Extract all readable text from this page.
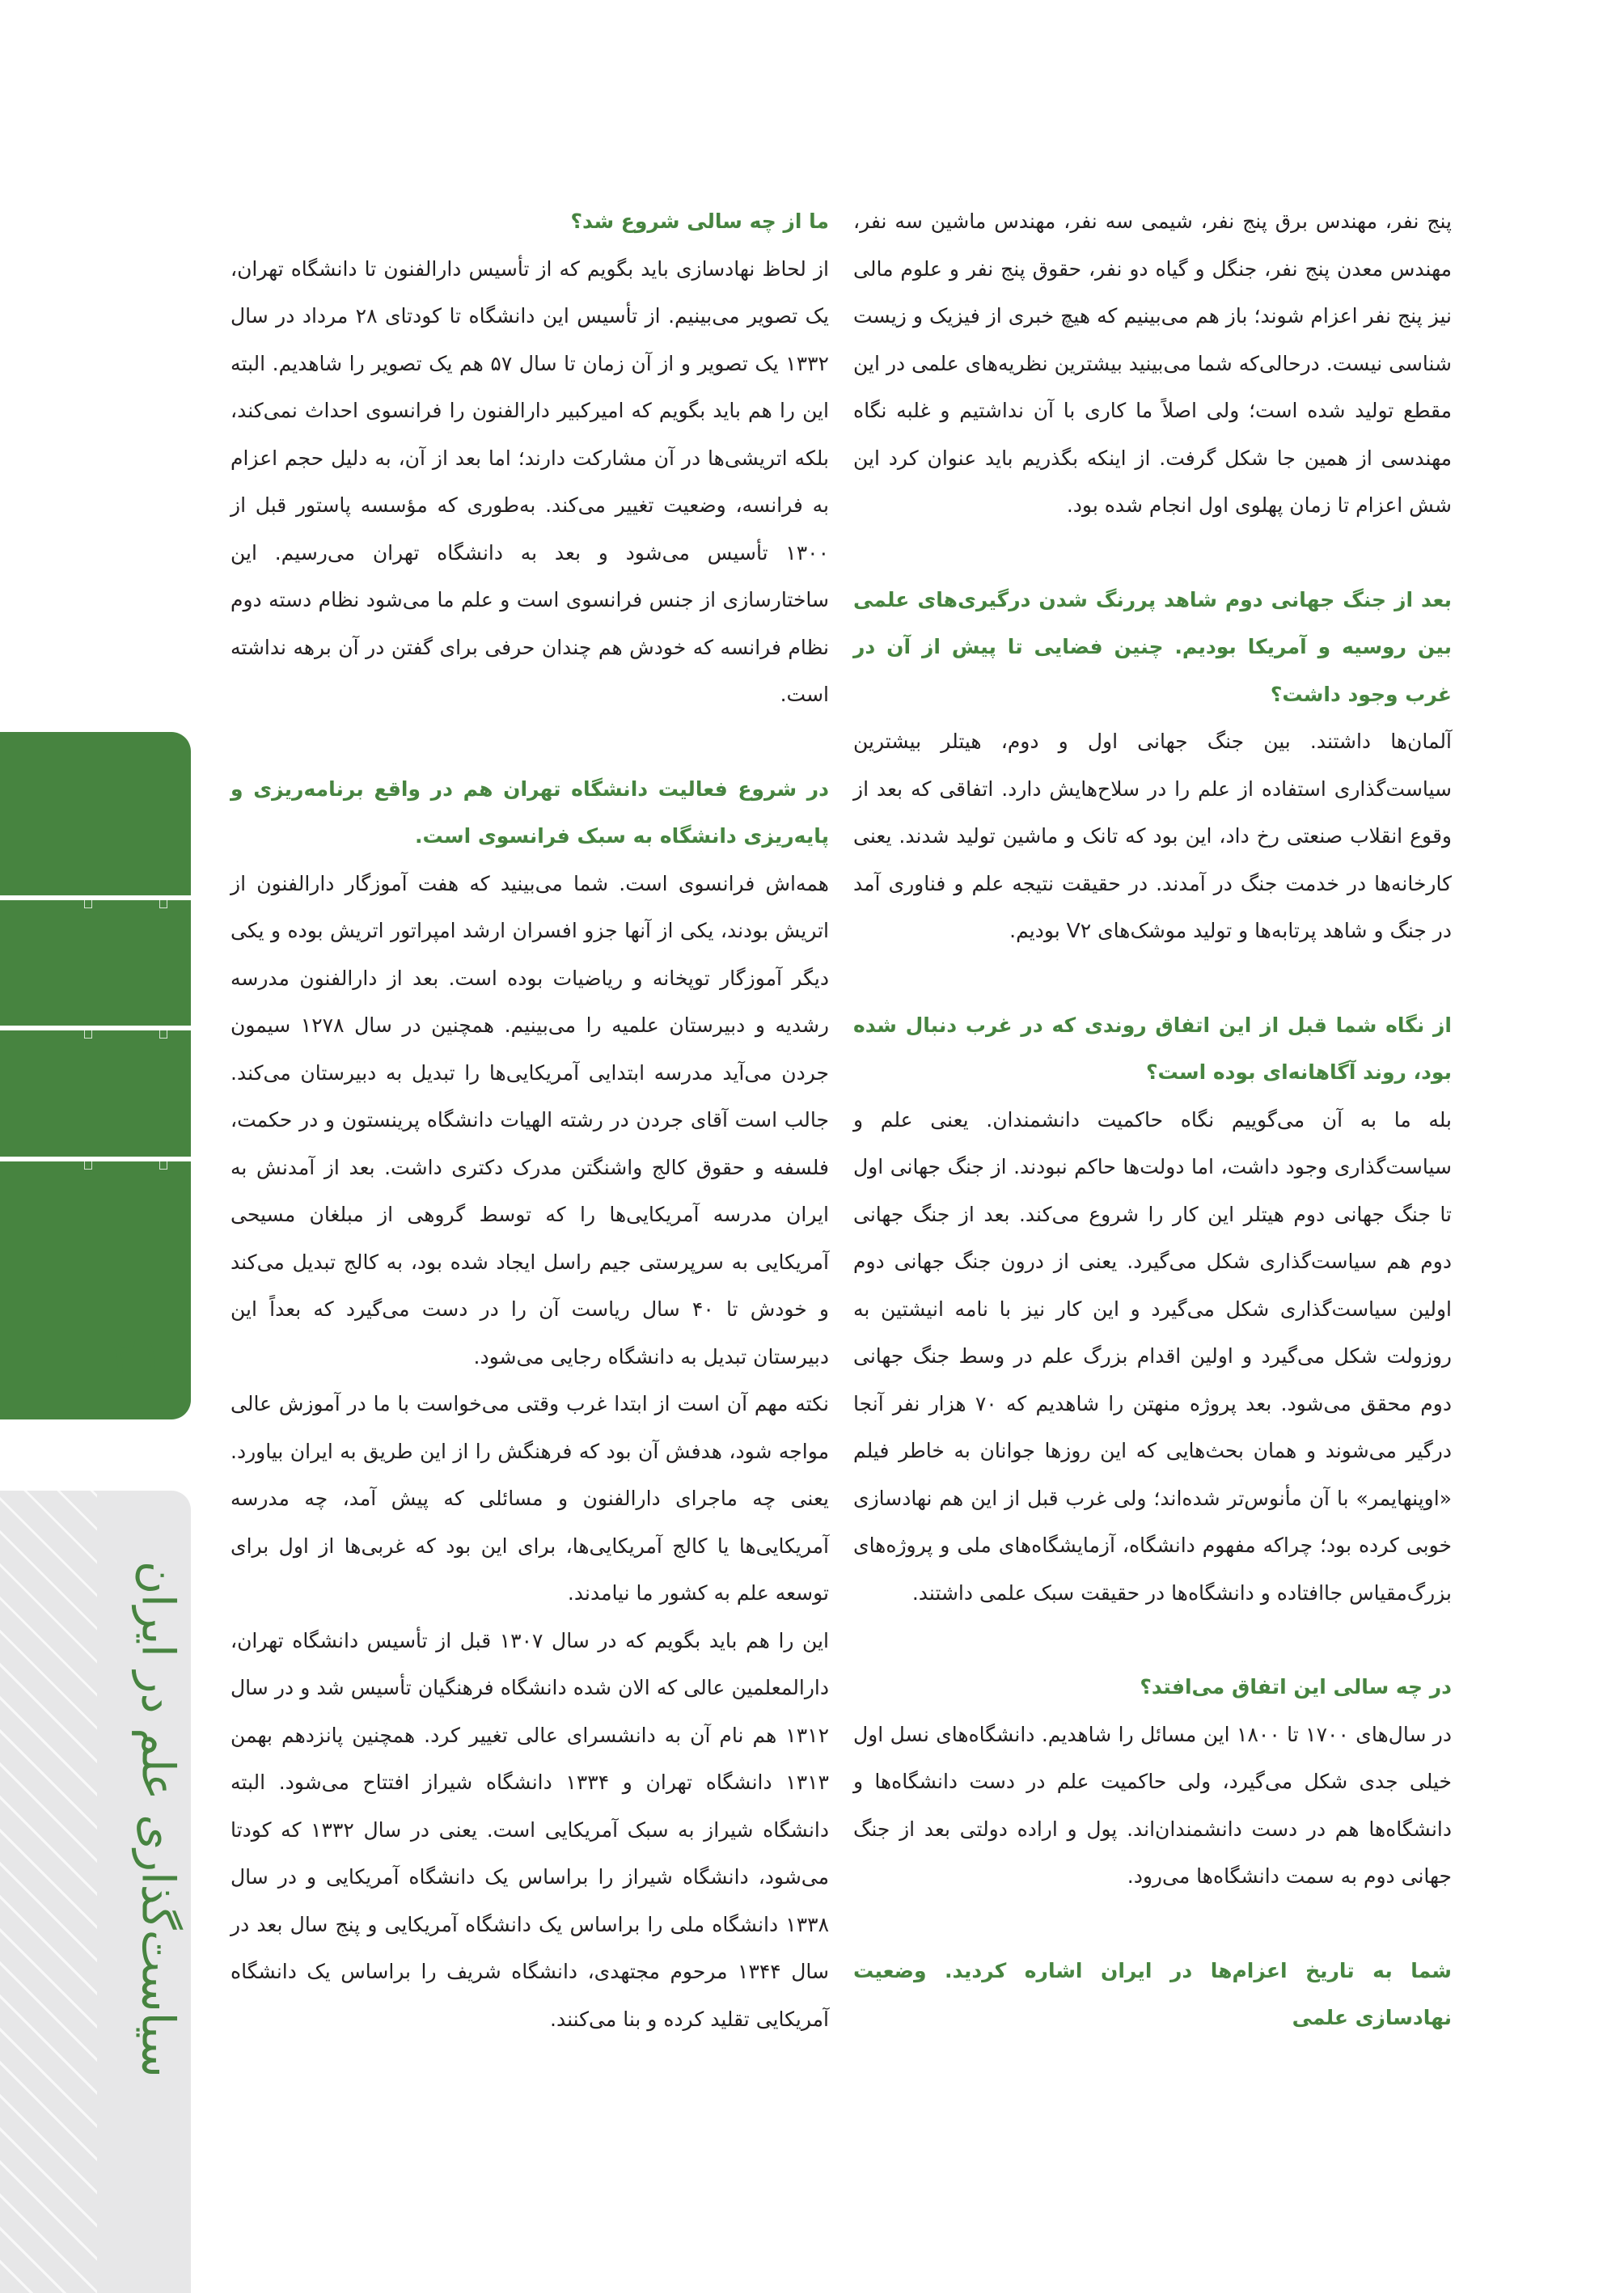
فرهیختگان
۲۱
سیاست‌گذاری علم در ایران

پنج نفر، مهندس برق پنج نفر، شیمی سه نفر، مهندس ماشین سه نفر، مهندس معدن پنج نفر، جنگل و گیاه دو نفر، حقوق پنج نفر و علوم مالی نیز پنج نفر اعزام شوند؛ باز هم می‌بینیم که هیچ خبری از فیزیک و زیست شناسی نیست. درحالی‌که شما می‌بینید بیشترین نظریه‌های علمی در این مقطع تولید شده است؛ ولی اصلاً ما کاری با آن نداشتیم و غلبه نگاه مهندسی از همین جا شکل گرفت. از اینکه بگذریم باید عنوان کرد این شش اعزام تا زمان پهلوی اول انجام شده بود.

بعد از جنگ جهانی دوم شاهد پررنگ شدن درگیری‌های علمی بین روسیه و آمریکا بودیم. چنین فضایی تا پیش از آن در غرب وجود داشت؟

آلمان‌ها داشتند. بین جنگ جهانی اول و دوم، هیتلر بیشترین سیاست‌گذاری استفاده از علم را در سلاح‌هایش دارد. اتفاقی که بعد از وقوع انقلاب صنعتی رخ داد، این بود که تانک و ماشین تولید شدند. یعنی کارخانه‌ها در خدمت جنگ در آمدند. در حقیقت نتیجه علم و فناوری آمد در جنگ و شاهد پرتابه‌ها و تولید موشک‌های V۲ بودیم.

از نگاه شما قبل از این اتفاق روندی که در غرب دنبال شده بود، روند آگاهانه‌ای بوده است؟

بله ما به آن می‌گوییم نگاه حاکمیت دانشمندان. یعنی علم و سیاست‌گذاری وجود داشت، اما دولت‌ها حاکم نبودند. از جنگ جهانی اول تا جنگ جهانی دوم هیتلر این کار را شروع می‌کند. بعد از جنگ جهانی دوم هم سیاست‌گذاری شکل می‌گیرد. یعنی از درون جنگ جهانی دوم اولین سیاست‌گذاری شکل می‌گیرد و این کار نیز با نامه انیشتین به روزولت شکل می‌گیرد و اولین اقدام بزرگ علم در وسط جنگ جهانی دوم محقق می‌شود. بعد پروژه منهتن را شاهدیم که ۷۰ هزار نفر آنجا درگیر می‌شوند و همان بحث‌هایی که این روزها جوانان به خاطر فیلم «اوپنهایمر» با آن مأنوس‌تر شده‌اند؛ ولی غرب قبل از این هم نهادسازی خوبی کرده بود؛ چراکه مفهوم دانشگاه، آزمایشگاه‌های ملی و پروژه‌های بزرگ‌مقیاس جاافتاده و دانشگاه‌ها در حقیقت سبک علمی داشتند.

در چه سالی این اتفاق می‌افتد؟

در سال‌های ۱۷۰۰ تا ۱۸۰۰ این مسائل را شاهدیم. دانشگاه‌های نسل اول خیلی جدی شکل می‌گیرد، ولی حاکمیت علم در دست دانشگاه‌ها و دانشگاه‌ها هم در دست دانشمندان‌اند. پول و اراده دولتی بعد از جنگ جهانی دوم به سمت دانشگاه‌ها می‌رود.

شما به تاریخ اعزام‌ها در ایران اشاره کردید. وضعیت نهادسازی علمی

ما از چه سالی شروع شد؟

از لحاظ نهادسازی باید بگویم که از تأسیس دارالفنون تا دانشگاه تهران، یک تصویر می‌بینیم. از تأسیس این دانشگاه تا کودتای ۲۸ مرداد در سال ۱۳۳۲ یک تصویر و از آن زمان تا سال ۵۷ هم یک تصویر را شاهدیم. البته این را هم باید بگویم که امیرکبیر دارالفنون را فرانسوی احداث نمی‌کند، بلکه اتریشی‌ها در آن مشارکت دارند؛ اما بعد از آن، به دلیل حجم اعزام به فرانسه، وضعیت تغییر می‌کند. به‌طوری که مؤسسه پاستور قبل از ۱۳۰۰ تأسیس می‌شود و بعد به دانشگاه تهران می‌رسیم. این ساختارسازی از جنس فرانسوی است و علم ما می‌شود نظام دسته دوم نظام فرانسه که خودش هم چندان حرفی برای گفتن در آن برهه نداشته است.

در شروع فعالیت دانشگاه تهران هم در واقع برنامه‌ریزی و پایه‌ریزی دانشگاه به سبک فرانسوی است.

همه‌اش فرانسوی است. شما می‌بینید که هفت آموزگار دارالفنون از اتریش بودند، یکی از آنها جزو افسران ارشد امپراتور اتریش بوده و یکی دیگر آموزگار توپخانه و ریاضیات بوده است. بعد از دارالفنون مدرسه رشدیه و دبیرستان علمیه را می‌بینیم. همچنین در سال ۱۲۷۸ سیمون جردن می‌آید مدرسه ابتدایی آمریکایی‌ها را تبدیل به دبیرستان می‌کند. جالب است آقای جردن در رشته الهیات دانشگاه پرینستون و در حکمت، فلسفه و حقوق کالج واشنگتن مدرک دکتری داشت. بعد از آمدنش به ایران مدرسه آمریکایی‌ها را که توسط گروهی از مبلغان مسیحی آمریکایی به سرپرستی جیم راسل ایجاد شده بود، به کالج تبدیل می‌کند و خودش تا ۴۰ سال ریاست آن را در دست می‌گیرد که بعداً این دبیرستان تبدیل به دانشگاه رجایی می‌شود.

نکته مهم آن است از ابتدا غرب وقتی می‌خواست با ما در آموزش عالی مواجه شود، هدفش آن بود که فرهنگش را از این طریق به ایران بیاورد. یعنی چه ماجرای دارالفنون و مسائلی که پیش آمد، چه مدرسه آمریکایی‌ها یا کالج آمریکایی‌ها، برای این بود که غربی‌ها از اول برای توسعه علم به کشور ما نیامدند.

این را هم باید بگویم که در سال ۱۳۰۷ قبل از تأسیس دانشگاه تهران، دارالمعلمین عالی که الان شده دانشگاه فرهنگیان تأسیس شد و در سال ۱۳۱۲ هم نام آن به دانشسرای عالی تغییر کرد. همچنین پانزدهم بهمن ۱۳۱۳ دانشگاه تهران و ۱۳۳۴ دانشگاه شیراز افتتاح می‌شود. البته دانشگاه شیراز به سبک آمریکایی است. یعنی در سال ۱۳۳۲ که کودتا می‌شود، دانشگاه شیراز را براساس یک دانشگاه آمریکایی و در سال ۱۳۳۸ دانشگاه ملی را براساس یک دانشگاه آمریکایی و پنج سال بعد در سال ۱۳۴۴ مرحوم مجتهدی، دانشگاه شریف را براساس یک دانشگاه آمریکایی تقلید کرده و بنا می‌کنند.
